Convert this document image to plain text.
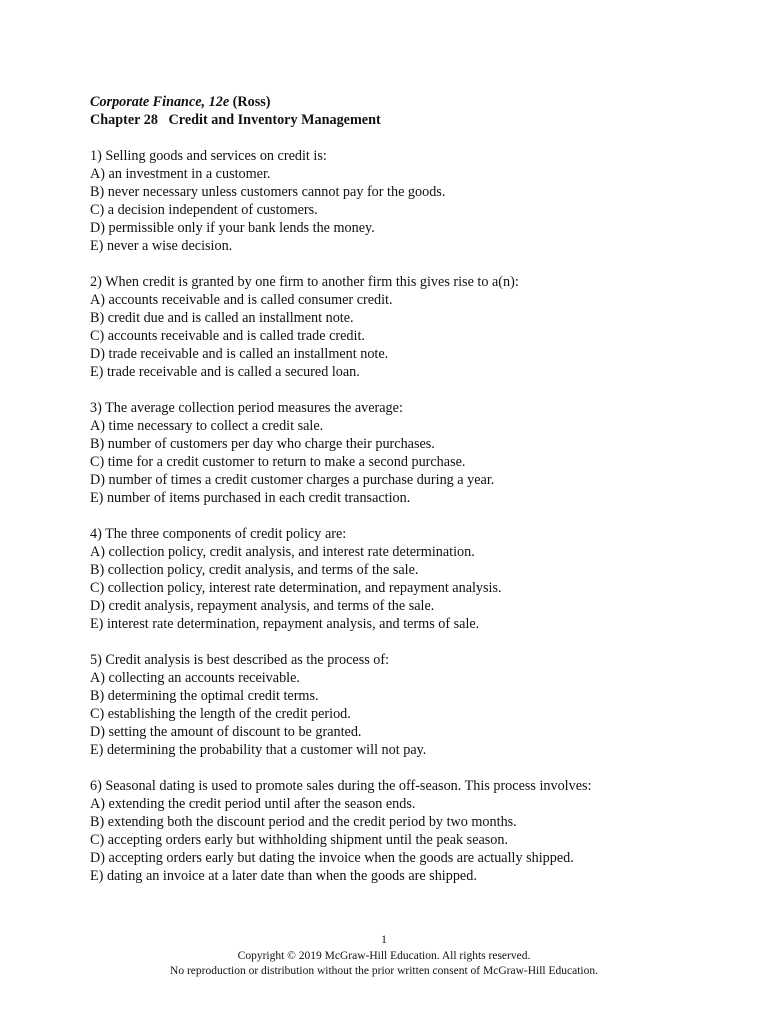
Corporate Finance, 12e (Ross)
Chapter 28   Credit and Inventory Management
1) Selling goods and services on credit is:
A) an investment in a customer.
B) never necessary unless customers cannot pay for the goods.
C) a decision independent of customers.
D) permissible only if your bank lends the money.
E) never a wise decision.
2) When credit is granted by one firm to another firm this gives rise to a(n):
A) accounts receivable and is called consumer credit.
B) credit due and is called an installment note.
C) accounts receivable and is called trade credit.
D) trade receivable and is called an installment note.
E) trade receivable and is called a secured loan.
3) The average collection period measures the average:
A) time necessary to collect a credit sale.
B) number of customers per day who charge their purchases.
C) time for a credit customer to return to make a second purchase.
D) number of times a credit customer charges a purchase during a year.
E) number of items purchased in each credit transaction.
4) The three components of credit policy are:
A) collection policy, credit analysis, and interest rate determination.
B) collection policy, credit analysis, and terms of the sale.
C) collection policy, interest rate determination, and repayment analysis.
D) credit analysis, repayment analysis, and terms of the sale.
E) interest rate determination, repayment analysis, and terms of sale.
5) Credit analysis is best described as the process of:
A) collecting an accounts receivable.
B) determining the optimal credit terms.
C) establishing the length of the credit period.
D) setting the amount of discount to be granted.
E) determining the probability that a customer will not pay.
6) Seasonal dating is used to promote sales during the off-season. This process involves:
A) extending the credit period until after the season ends.
B) extending both the discount period and the credit period by two months.
C) accepting orders early but withholding shipment until the peak season.
D) accepting orders early but dating the invoice when the goods are actually shipped.
E) dating an invoice at a later date than when the goods are shipped.
1
Copyright © 2019 McGraw-Hill Education. All rights reserved.
No reproduction or distribution without the prior written consent of McGraw-Hill Education.
